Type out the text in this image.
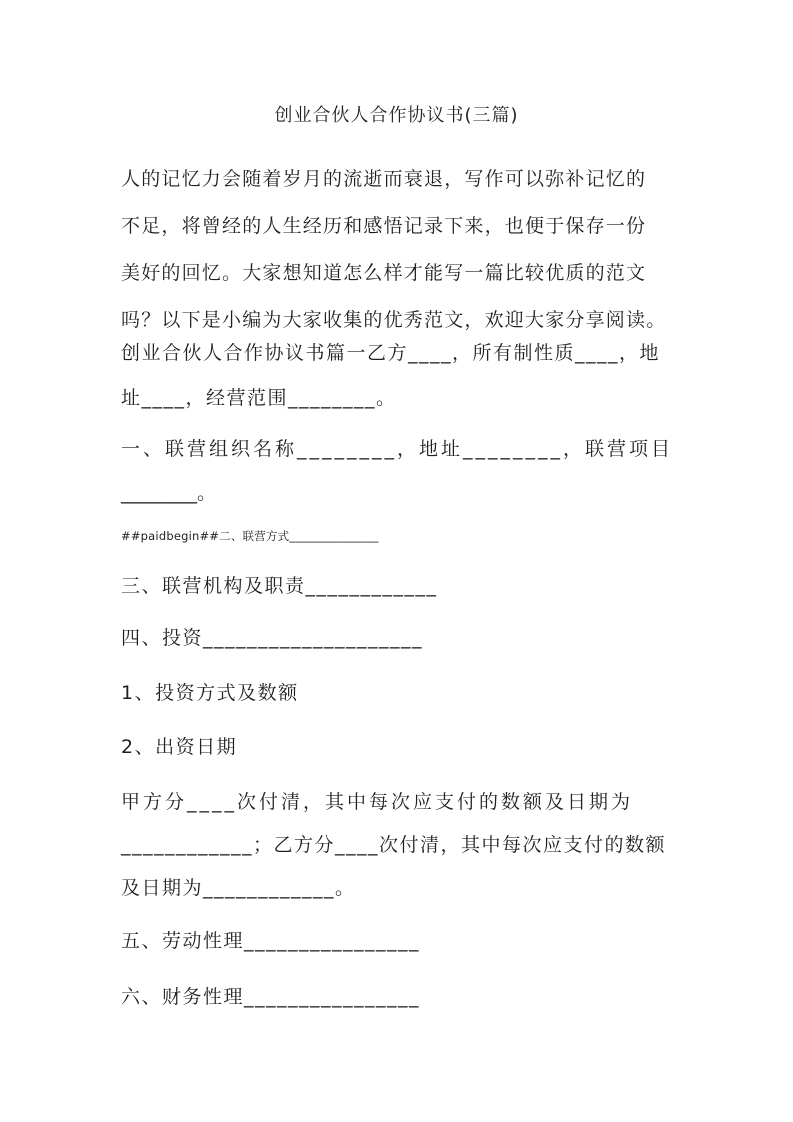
创业合伙人合作协议书(三篇)
人的记忆力会随着岁月的流逝而衰退，写作可以弥补记忆的
不足，将曾经的人生经历和感悟记录下来，也便于保存一份
美好的回忆。大家想知道怎么样才能写一篇比较优质的范文
吗？以下是小编为大家收集的优秀范文，欢迎大家分享阅读。
创业合伙人合作协议书篇一乙方____，所有制性质____，地
址____，经营范围________。
一、联营组织名称________，地址________，联营项目
________。
##paidbegin##二、联营方式_______________
三、联营机构及职责____________
四、投资____________________
1、投资方式及数额
2、出资日期
甲方分____次付清，其中每次应支付的数额及日期为
____________；乙方分____次付清，其中每次应支付的数额
及日期为____________。
五、劳动性理________________
六、财务性理________________
